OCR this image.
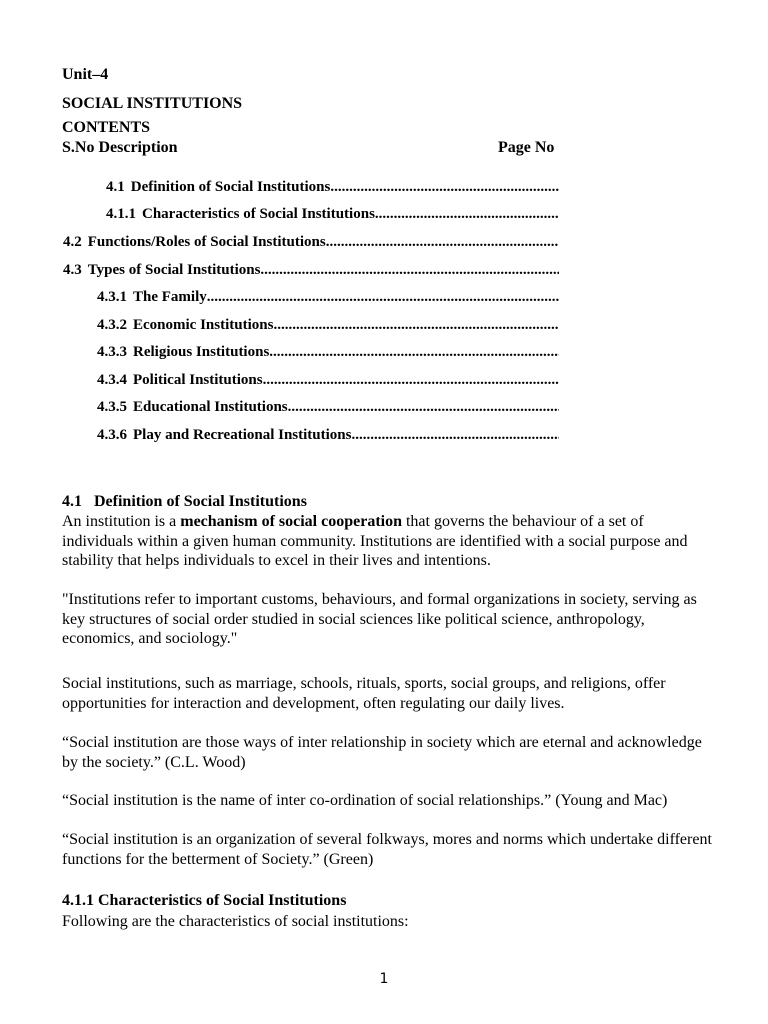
Unit–4
SOCIAL INSTITUTIONS
CONTENTS
S.No Description	Page No
4.1 Definition of Social Institutions
.....
4.1.1 Characteristics of Social Institutions
.....
4.2 Functions/Roles of Social Institutions
.....
4.3 Types of Social Institutions
.....
4.3.1 The Family
.....
4.3.2 Economic Institutions
.....
4.3.3 Religious Institutions
.....
4.3.4 Political Institutions
.....
4.3.5 Educational Institutions
.....
4.3.6 Play and Recreational Institutions
.....
4.1   Definition of Social Institutions
An institution is a mechanism of social cooperation that governs the behaviour of a set of individuals within a given human community. Institutions are identified with a social purpose and stability that helps individuals to excel in their lives and intentions.
"Institutions refer to important customs, behaviours, and formal organizations in society, serving as key structures of social order studied in social sciences like political science, anthropology, economics, and sociology."
Social institutions, such as marriage, schools, rituals, sports, social groups, and religions, offer opportunities for interaction and development, often regulating our daily lives.
“Social institution are those ways of inter relationship in society which are eternal and acknowledge by the society.” (C.L. Wood)
“Social institution is the name of inter co-ordination of social relationships.” (Young and Mac)
“Social institution is an organization of several folkways, mores and norms which undertake different functions for the betterment of Society.” (Green)
4.1.1 Characteristics of Social Institutions
Following are the characteristics of social institutions:
1
